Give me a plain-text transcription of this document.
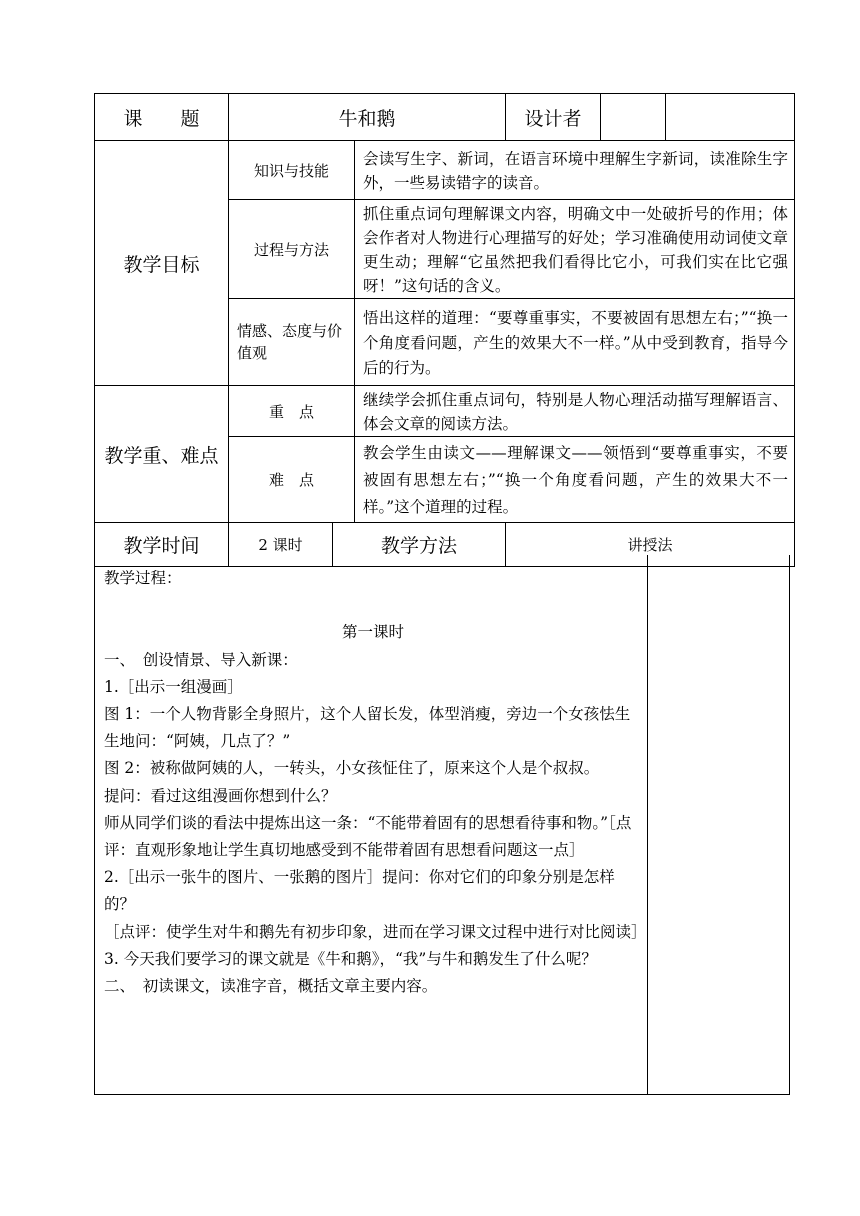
课　　题	牛和鹅			设计者	

教学目标	知识与技能		会读写生字、新词，在语言环境中理解生字新词，读准除生字外，一些易读错字的读音。		
	过程与方法		抓住重点词句理解课文内容，明确文中一处破折号的作用；体会作者对人物进行心理描写的好处；学习准确使用动词使文章更生动；理解“它虽然把我们看得比它小，可我们实在比它强呀！”这句话的含义。		
	情感、态度与价值观		悟出这样的道理：“要尊重事实，不要被固有思想左右；”“换一个角度看问题，产生的效果大不一样。”从中受到教育，指导今后的行为。		
教学重、难点	重　点		继续学会抓住重点词句，特别是人物心理活动描写理解语言、体会文章的阅读方法。		
	难　点		教会学生由读文——理解课文——领悟到“要尊重事实，不要被固有思想左右；”“换一个角度看问题，产生的效果大不一样。”这个道理的过程。		
教学时间	2 课时	教学方法		讲授法	

教学过程：

第一课时

一、　创设情景、导入新课：

1.［出示一组漫画］

图 1：一个人物背影全身照片，这个人留长发，体型消瘦，旁边一个女孩怯生生地问：“阿姨，几点了？”

图 2：被称做阿姨的人，一转头，小女孩怔住了，原来这个人是个叔叔。

提问：看过这组漫画你想到什么？

师从同学们谈的看法中提炼出这一条：“不能带着固有的思想看待事和物。”［点评：直观形象地让学生真切地感受到不能带着固有思想看问题这一点］

2.［出示一张牛的图片、一张鹅的图片］提问：你对它们的印象分别是怎样的？

［点评：使学生对牛和鹅先有初步印象，进而在学习课文过程中进行对比阅读］

3. 今天我们要学习的课文就是《牛和鹅》，“我”与牛和鹅发生了什么呢？

二、　初读课文，读准字音，概括文章主要内容。
